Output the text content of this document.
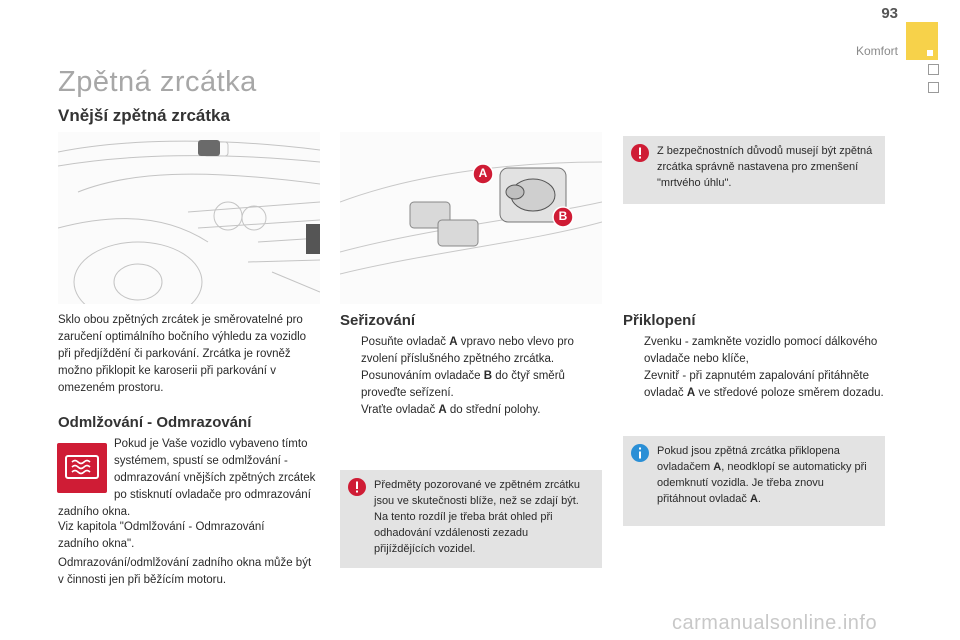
93
Komfort
Zpětná zrcátka
Vnější zpětná zrcátka
A
B
Z bezpečnostních důvodů musejí být zpětná zrcátka správně nastavena pro zmenšení "mrtvého úhlu".
Sklo obou zpětných zrcátek je směrovatelné pro zaručení optimálního bočního výhledu za vozidlo při předjíždění či parkování. Zrcátka je rovněž možno přiklopit ke karoserii při parkování v omezeném prostoru.
Odmlžování - Odmrazování
Pokud je Vaše vozidlo vybaveno tímto systémem, spustí se odmlžování - odmrazování vnějších zpětných zrcátek po stisknutí ovladače pro odmrazování zadního okna.
Viz kapitola "Odmlžování - Odmrazování zadního okna".
Odmrazování/odmlžování zadního okna může být v činnosti jen při běžícím motoru.
Seřizování
Posuňte ovladač A vpravo nebo vlevo pro zvolení příslušného zpětného zrcátka.
Posunováním ovladače B do čtyř směrů proveďte seřízení.
Vraťte ovladač A do střední polohy.
Předměty pozorované ve zpětném zrcátku jsou ve skutečnosti blíže, než se zdají být.
Na tento rozdíl je třeba brát ohled při odhadování vzdálenosti zezadu přijíždějících vozidel.
Přiklopení
Zvenku - zamkněte vozidlo pomocí dálkového ovladače nebo klíče,
Zevnitř - při zapnutém zapalování přitáhněte ovladač A ve středové poloze směrem dozadu.
Pokud jsou zpětná zrcátka přiklopena ovladačem A, neodklopí se automaticky při odemknutí vozidla. Je třeba znovu přitáhnout ovladač A.
carmanualsonline.info
